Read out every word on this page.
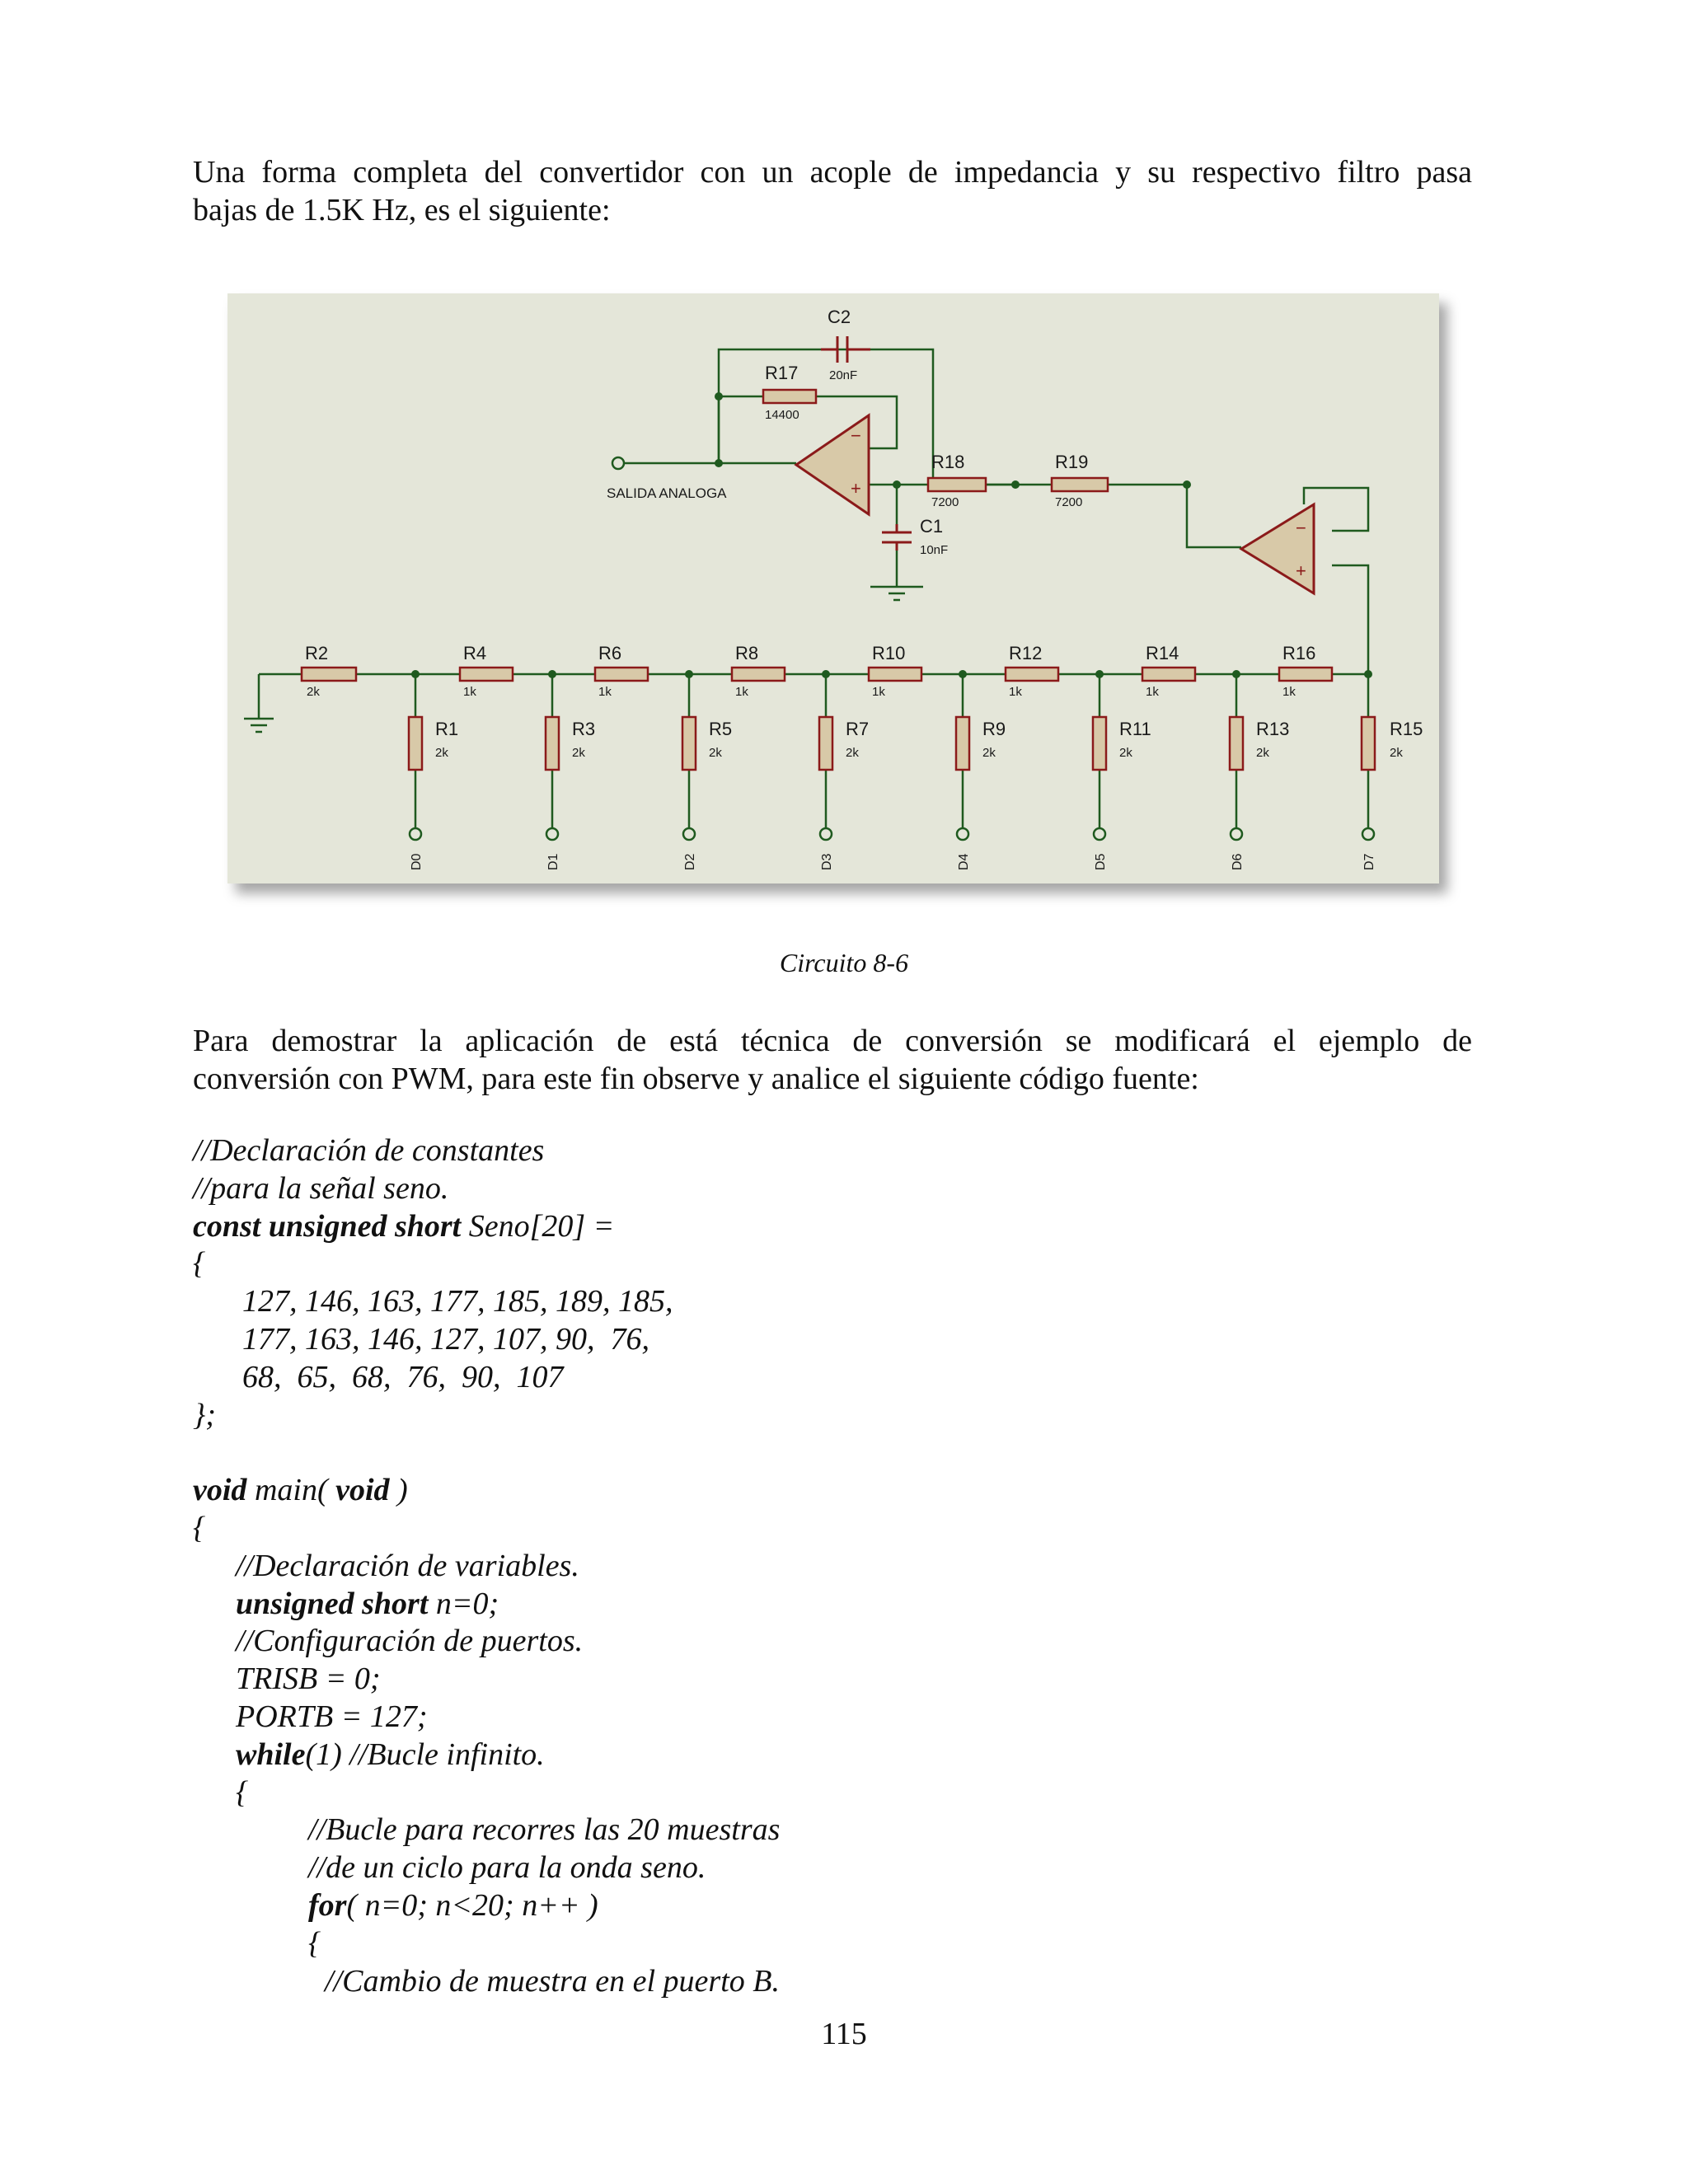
Una forma completa del convertidor con un acople de impedancia y su respectivo filtro pasa
bajas de 1.5K Hz, es el siguiente:
SALIDA ANALOGA
C2
20nF
C1
10nF
R17
14400
R18
7200
R19
7200
−
+
−
+
R2	R4	R6	R8	R10	R12	R14	R16
2k	1k	1k	1k	1k	1k	1k	1k
R1	R3	R5	R7	R9	R11	R13	R15
2k	2k	2k	2k	2k	2k	2k	2k
D0	D1	D2	D3	D4	D5	D6	D7
Circuito 8-6
Para demostrar la aplicación de está técnica de conversión se modificará el ejemplo de
conversión con PWM, para este fin observe y analice el siguiente código fuente:
//Declaración de constantes
//para la señal seno.
const unsigned short Seno[20] =
{
127, 146, 163, 177, 185, 189, 185,
177, 163, 146, 127, 107, 90,  76,
68,  65,  68,  76,  90,  107
};
void main( void )
{
//Declaración de variables.
unsigned short n=0;
//Configuración de puertos.
TRISB = 0;
PORTB = 127;
while(1) //Bucle infinito.
{
//Bucle para recorres las 20 muestras
//de un ciclo para la onda seno.
for( n=0; n<20; n++ )
{
//Cambio de muestra en el puerto B.
115
